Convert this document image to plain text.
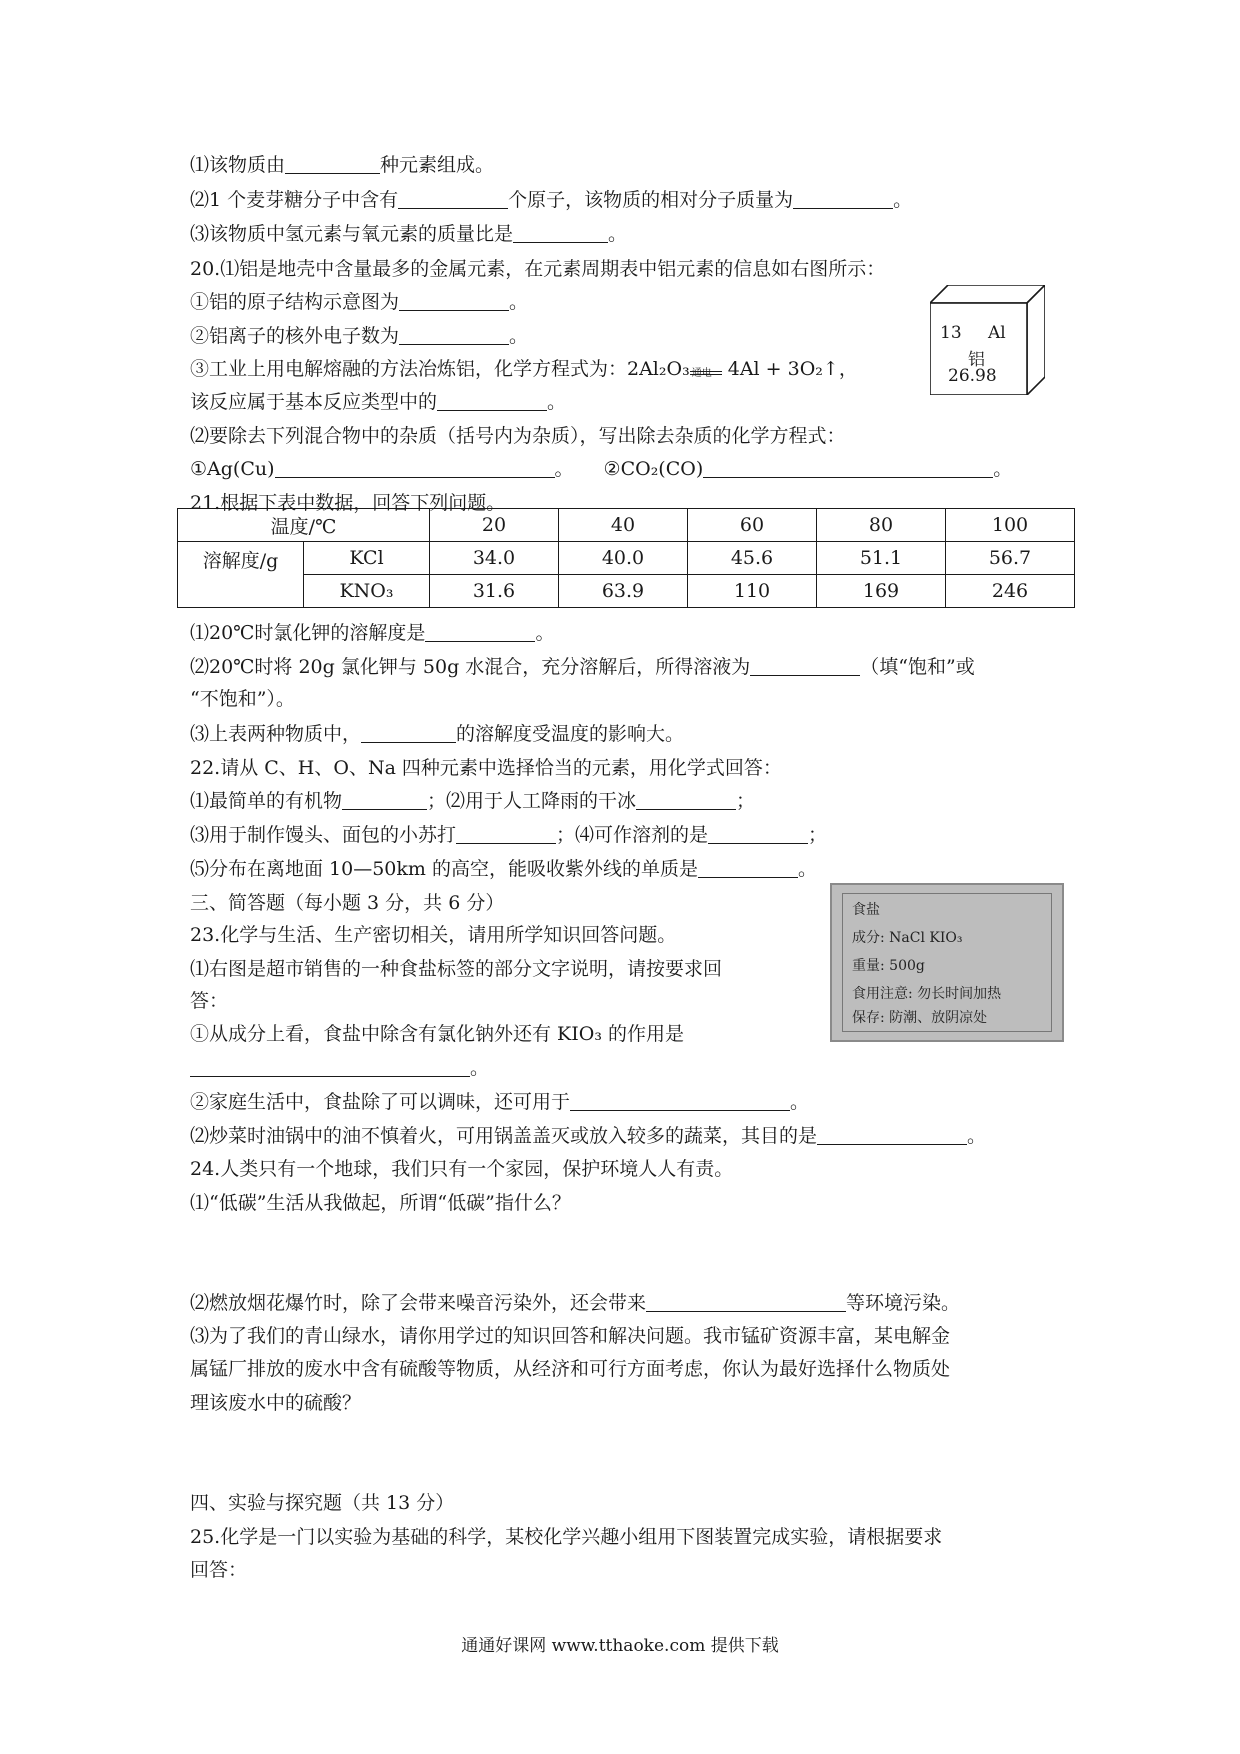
⑴该物质由	种元素组成。
⑵1 个麦芽糖分子中含有	个原子，该物质的相对分子质量为	。
⑶该物质中氢元素与氧元素的质量比是	。
20.⑴铝是地壳中含量最多的金属元素，在元素周期表中铝元素的信息如右图所示：
①铝的原子结构示意图为	。
②铝离子的核外电子数为	。
③工业上用电解熔融的方法冶炼铝，化学方程式为：2Al₂O₃ 通电 4Al + 3O₂↑，
该反应属于基本反应类型中的	。
⑵要除去下列混合物中的杂质（括号内为杂质），写出除去杂质的化学方程式：
①Ag(Cu)	。 ②CO₂(CO)	。
13 Al
铝
26.98
21.根据下表中数据，回答下列问题。
温度/℃		20	40	60	80	100
溶解度/g	KCl	34.0	40.0	45.6	51.1	56.7
	KNO₃	31.6	63.9	110	169	246
⑴20℃时氯化钾的溶解度是	。
⑵20℃时将 20g 氯化钾与 50g 水混合，充分溶解后，所得溶液为	（填“饱和”或
“不饱和”）。
⑶上表两种物质中，	的溶解度受温度的影响大。
22.请从 C、H、O、Na 四种元素中选择恰当的元素，用化学式回答：
⑴最简单的有机物	；⑵用于人工降雨的干冰	；
⑶用于制作馒头、面包的小苏打	；⑷可作溶剂的是	；
⑸分布在离地面 10—50km 的高空，能吸收紫外线的单质是	。
三、简答题（每小题 3 分，共 6 分）
23.化学与生活、生产密切相关，请用所学知识回答问题。
⑴右图是超市销售的一种食盐标签的部分文字说明，请按要求回
答：
①从成分上看，食盐中除含有氯化钠外还有 KIO₃ 的作用是
。
②家庭生活中，食盐除了可以调味，还可用于	。
⑵炒菜时油锅中的油不慎着火，可用锅盖盖灭或放入较多的蔬菜，其目的是	。
食盐
成分: NaCl KIO₃
重量: 500g
食用注意: 勿长时间加热
保存: 防潮、放阴凉处
24.人类只有一个地球，我们只有一个家园，保护环境人人有责。
⑴“低碳”生活从我做起，所谓“低碳”指什么？
⑵燃放烟花爆竹时，除了会带来噪音污染外，还会带来	等环境污染。
⑶为了我们的青山绿水，请你用学过的知识回答和解决问题。我市锰矿资源丰富，某电解金
属锰厂排放的废水中含有硫酸等物质，从经济和可行方面考虑，你认为最好选择什么物质处
理该废水中的硫酸？
四、实验与探究题（共 13 分）
25.化学是一门以实验为基础的科学，某校化学兴趣小组用下图装置完成实验，请根据要求
回答：
通通好课网 www.tthaoke.com 提供下载
